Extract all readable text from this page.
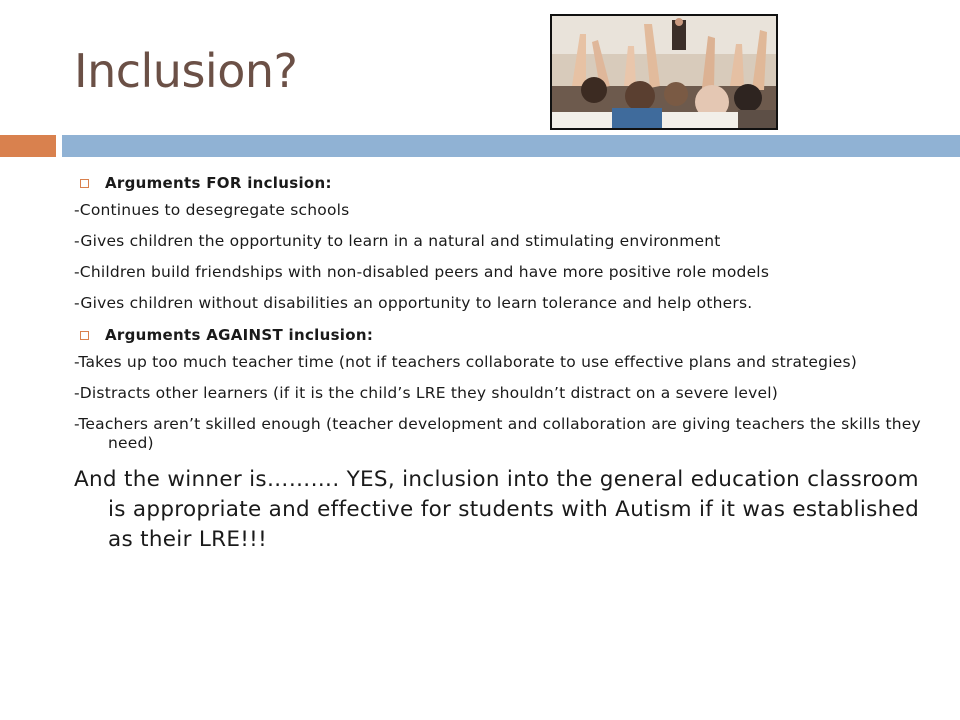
Inclusion?
Arguments FOR inclusion:
-Continues to desegregate schools
-Gives children the opportunity to learn in a natural and stimulating environment
-Children build friendships with non-disabled peers and have more positive role models
-Gives children without disabilities an opportunity to learn tolerance and help others.
Arguments AGAINST inclusion:
-Takes up too much teacher time (not if teachers collaborate to use effective plans and strategies)
-Distracts other learners (if it is the child’s LRE they shouldn’t distract on a severe level)
-Teachers aren’t skilled enough (teacher development and collaboration are giving teachers the skills they need)
And the winner is………. YES, inclusion into the general education classroom is appropriate and effective for students with Autism if it was established as their LRE!!!
